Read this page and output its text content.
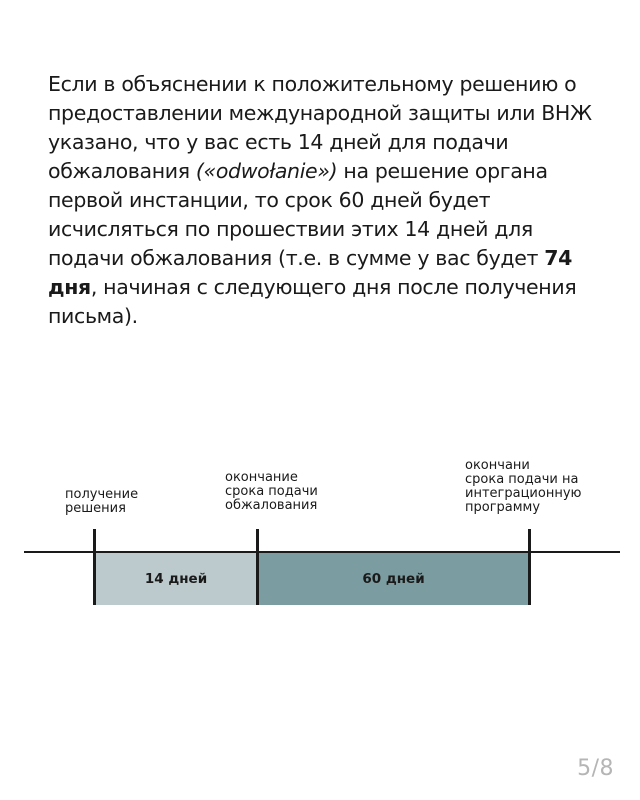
Если в объяснении к положительному решению о предоставлении международной защиты или ВНЖ указано, что у вас есть 14 дней для подачи обжалования («odwołanie») на решение органа первой инстанции, то срок 60 дней будет исчисляться по прошествии этих 14 дней для подачи обжалования (т.е. в сумме у вас будет 74 дня, начиная с следующего дня после получения письма).
получение
решения
окончание
срока подачи
обжалования
окончани
срока подачи на
интеграционную
программу
14 дней	60 дней
5/8
